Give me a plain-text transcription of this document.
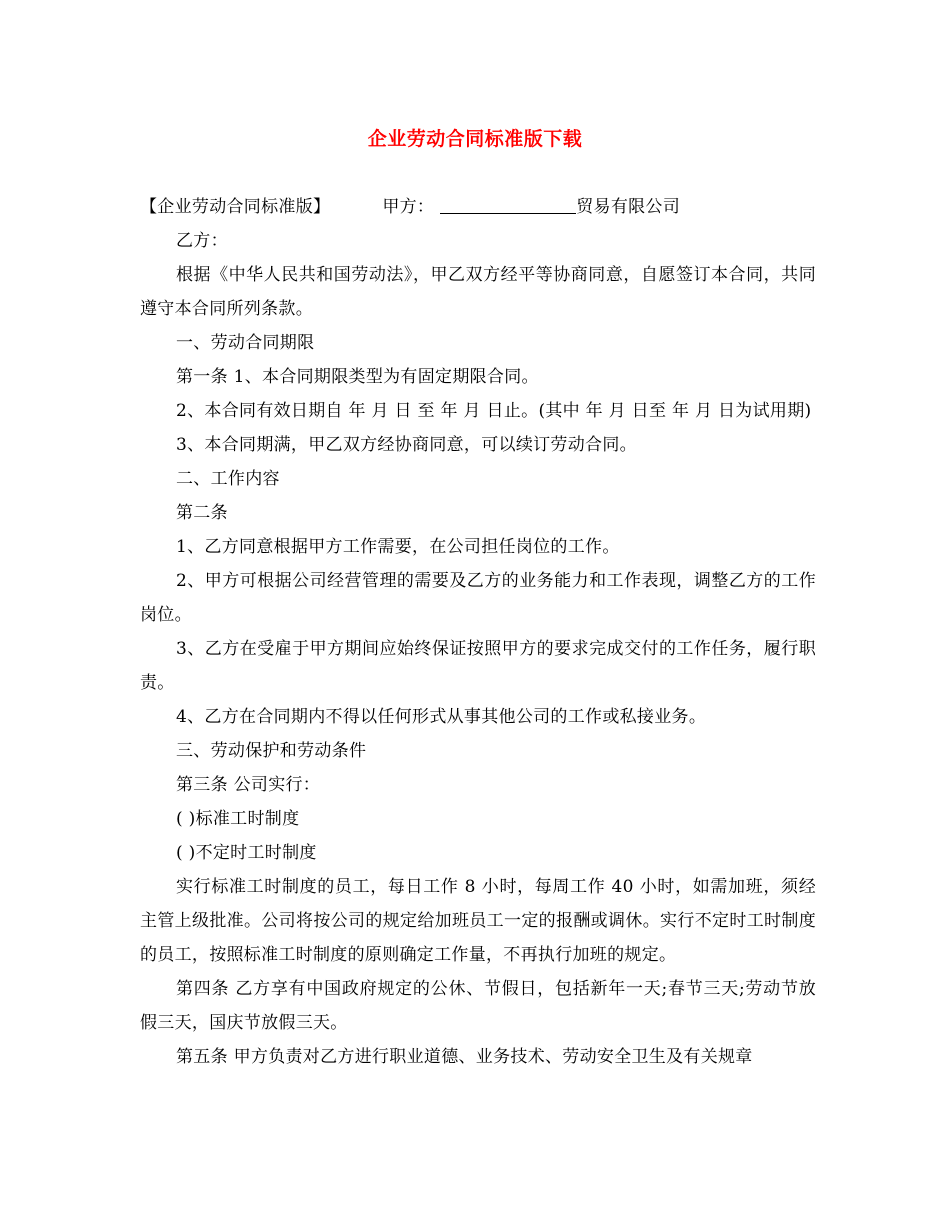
企业劳动合同标准版下载

【企业劳动合同标准版】	甲方：	贸易有限公司

乙方：

根据《中华人民共和国劳动法》，甲乙双方经平等协商同意，自愿签订本合同，共同遵守本合同所列条款。

一、劳动合同期限

第一条 1、本合同期限类型为有固定期限合同。

2、本合同有效日期自 年 月 日 至 年 月 日止。(其中 年 月 日至 年 月 日为试用期)

3、本合同期满，甲乙双方经协商同意，可以续订劳动合同。

二、工作内容

第二条

1、乙方同意根据甲方工作需要，在公司担任岗位的工作。

2、甲方可根据公司经营管理的需要及乙方的业务能力和工作表现，调整乙方的工作岗位。

3、乙方在受雇于甲方期间应始终保证按照甲方的要求完成交付的工作任务，履行职责。

4、乙方在合同期内不得以任何形式从事其他公司的工作或私接业务。

三、劳动保护和劳动条件

第三条 公司实行：

( )标准工时制度

( )不定时工时制度

实行标准工时制度的员工，每日工作 8 小时，每周工作 40 小时，如需加班，须经主管上级批准。公司将按公司的规定给加班员工一定的报酬或调休。实行不定时工时制度的员工，按照标准工时制度的原则确定工作量，不再执行加班的规定。

第四条 乙方享有中国政府规定的公休、节假日，包括新年一天;春节三天;劳动节放假三天，国庆节放假三天。

第五条 甲方负责对乙方进行职业道德、业务技术、劳动安全卫生及有关规章
